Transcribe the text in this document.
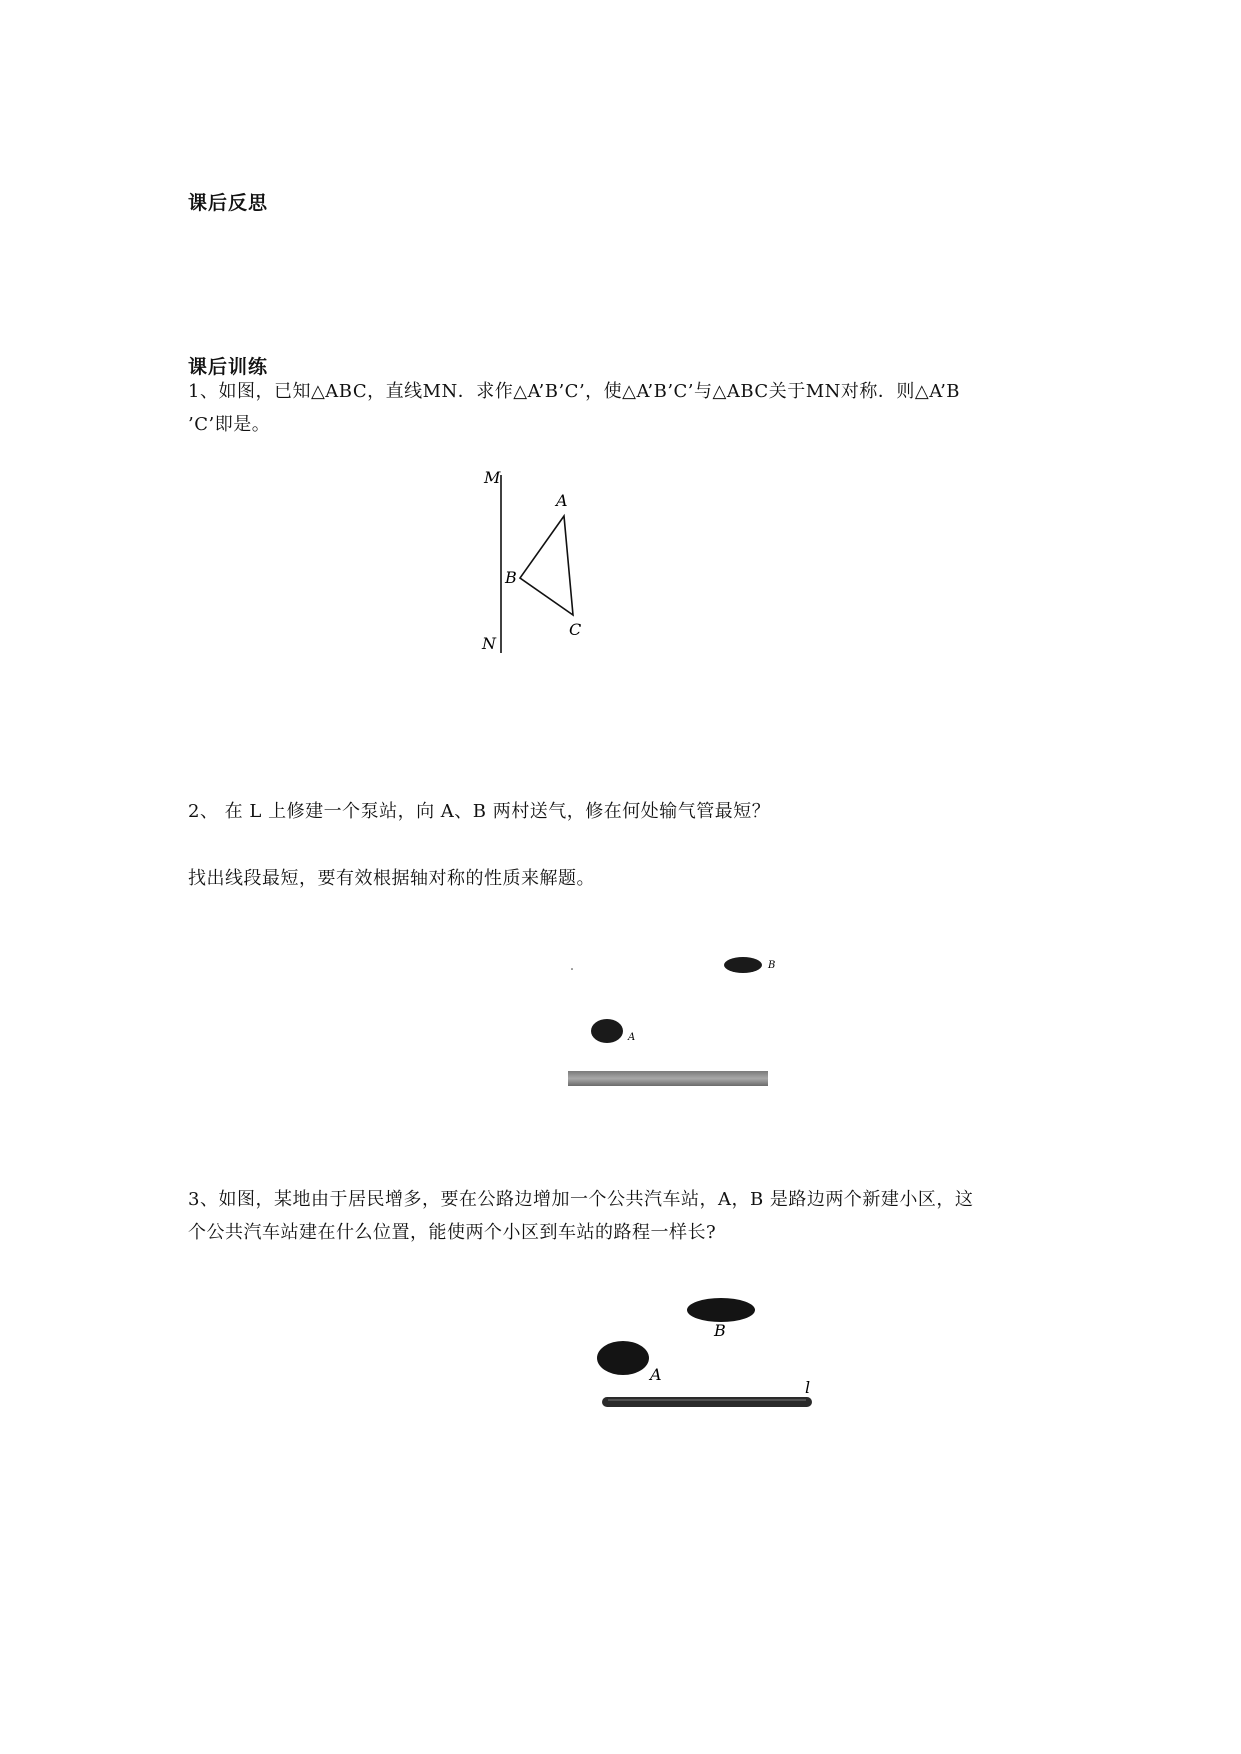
课后反思
课后训练

1、如图，已知△ABC，直线MN．求作△A’B’C’，使△A’B’C’与△ABC关于MN对称．则△A’B
’C’即是。

M
N
A
B
C

2、 在 L 上修建一个泵站，向 A、B 两村送气，修在何处输气管最短？

找出线段最短，要有效根据轴对称的性质来解题。

B
A

3、如图，某地由于居民增多，要在公路边增加一个公共汽车站，A，B 是路边两个新建小区，这
个公共汽车站建在什么位置，能使两个小区到车站的路程一样长?

B
A
l
